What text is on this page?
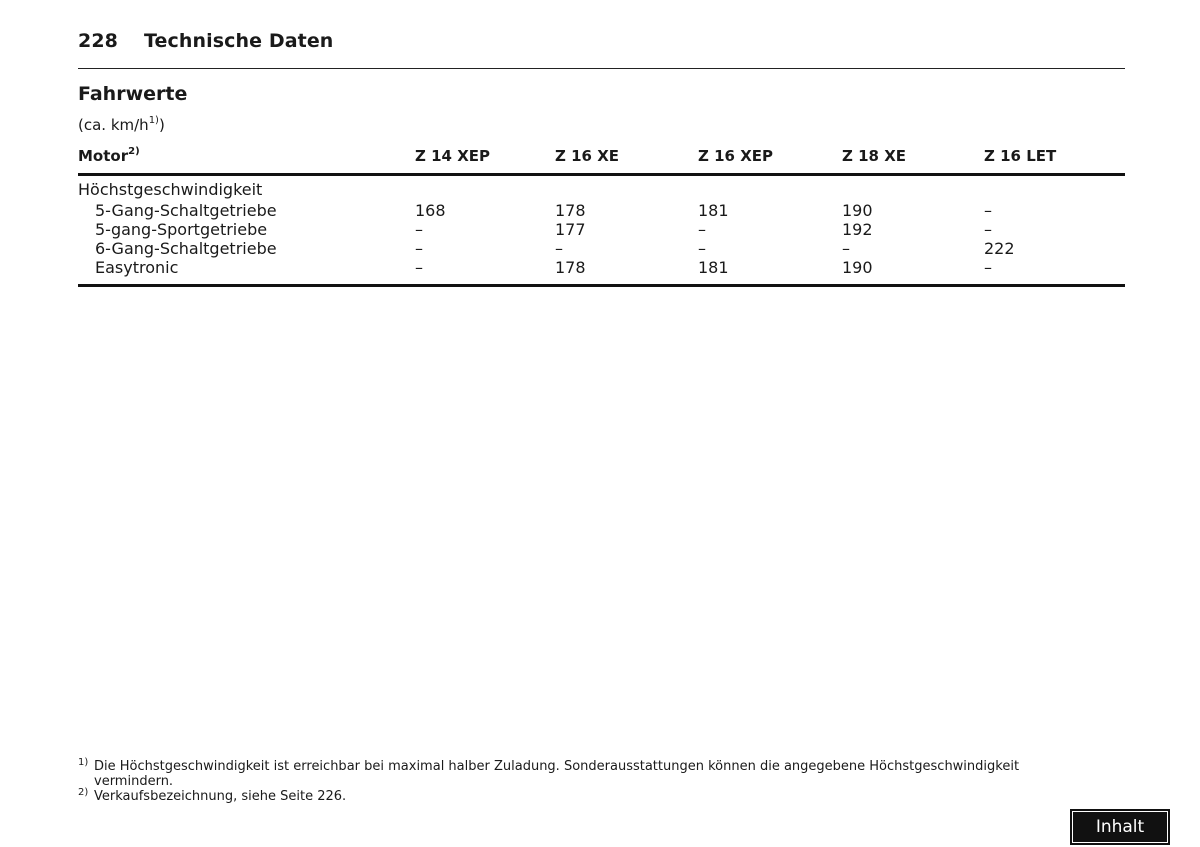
228 Technische Daten
Fahrwerte
(ca. $km/h^{1)}$)
Motor$^{2)}$	Z 14 XEP	Z 16 XE	Z 16 XEP	Z 18 XE	Z 16 LET
Höchstgeschwindigkeit
5-Gang-Schaltgetriebe	168	178	181	190	–
5-gang-Sportgetriebe	–	177	–	192	–
6-Gang-Schaltgetriebe	–	–	–	–	222
Easytronic	–	178	181	190	–
1) Die Höchstgeschwindigkeit ist erreichbar bei maximal halber Zuladung. Sonderausstattungen können die angegebene Höchstgeschwindigkeit vermindern.
2) Verkaufsbezeichnung, siehe Seite 226.
Inhalt
